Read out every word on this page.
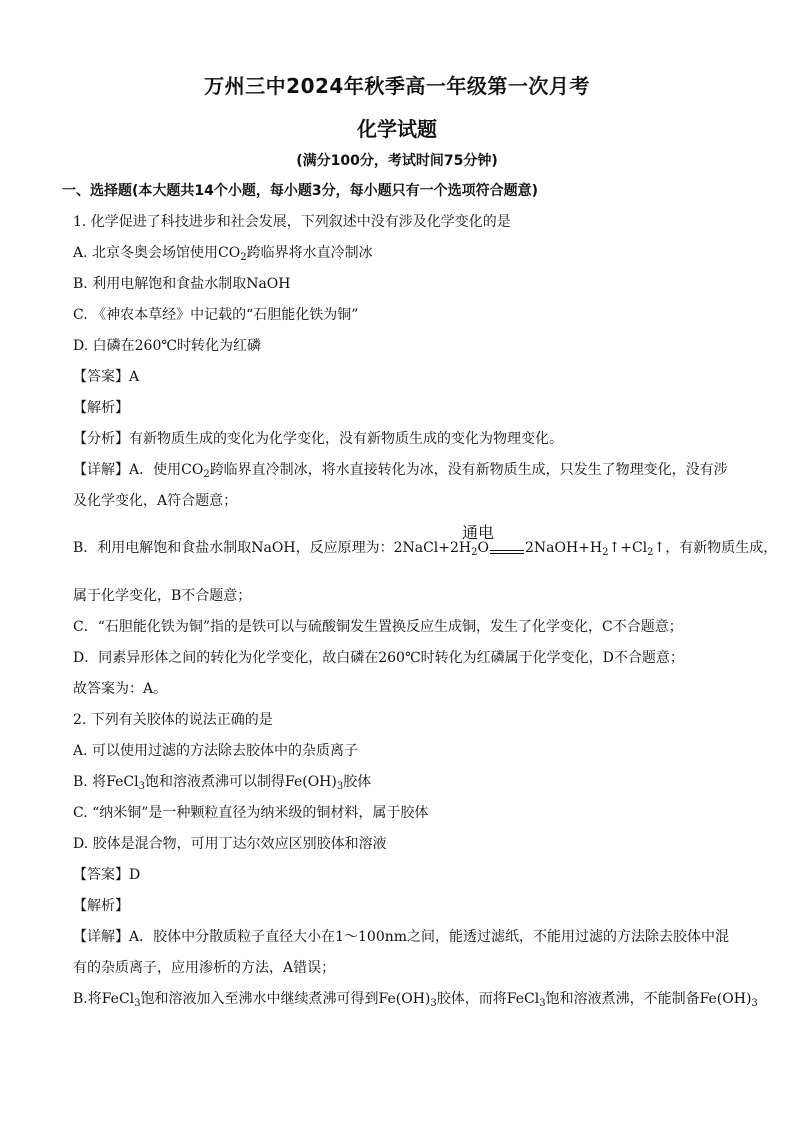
万州三中2024年秋季高一年级第一次月考
化学试题
(满分100分，考试时间75分钟)
一、选择题(本大题共14个小题，每小题3分，每小题只有一个选项符合题意)
1. 化学促进了科技进步和社会发展，下列叙述中没有涉及化学变化的是
A. 北京冬奥会场馆使用$CO_2$跨临界将水直冷制冰
B. 利用电解饱和食盐水制取NaOH
C. 《神农本草经》中记载的“石胆能化铁为铜”
D. 白磷在260℃时转化为红磷
【答案】A
【解析】
【分析】有新物质生成的变化为化学变化，没有新物质生成的变化为物理变化。
【详解】A．使用$CO_2$跨临界直冷制冰，将水直接转化为冰，没有新物质生成，只发生了物理变化，没有涉
及化学变化，A符合题意；
通电
B．利用电解饱和食盐水制取NaOH，反应原理为：$2NaCl+2H_2O$	$2NaOH+H_2↑+Cl_2↑$，有新物质生成，
属于化学变化，B不合题意；
C．“石胆能化铁为铜”指的是铁可以与硫酸铜发生置换反应生成铜，发生了化学变化，C不合题意；
D．同素异形体之间的转化为化学变化，故白磷在260℃时转化为红磷属于化学变化，D不合题意；
故答案为：A。
2. 下列有关胶体的说法正确的是
A. 可以使用过滤的方法除去胶体中的杂质离子
B. 将FeCl$_3$饱和溶液煮沸可以制得$Fe(OH)_3$胶体
C. “纳米铜”是一种颗粒直径为纳米级的铜材料，属于胶体
D. 胶体是混合物，可用丁达尔效应区别胶体和溶液
【答案】D
【解析】
【详解】A．胶体中分散质粒子直径大小在1～100nm之间，能透过滤纸，不能用过滤的方法除去胶体中混
有的杂质离子，应用渗析的方法，A错误；
B.将FeCl$_3$饱和溶液加入至沸水中继续煮沸可得到$Fe(OH)_3$胶体，而将FeCl$_3$饱和溶液煮沸，不能制备$Fe(OH)_3$
